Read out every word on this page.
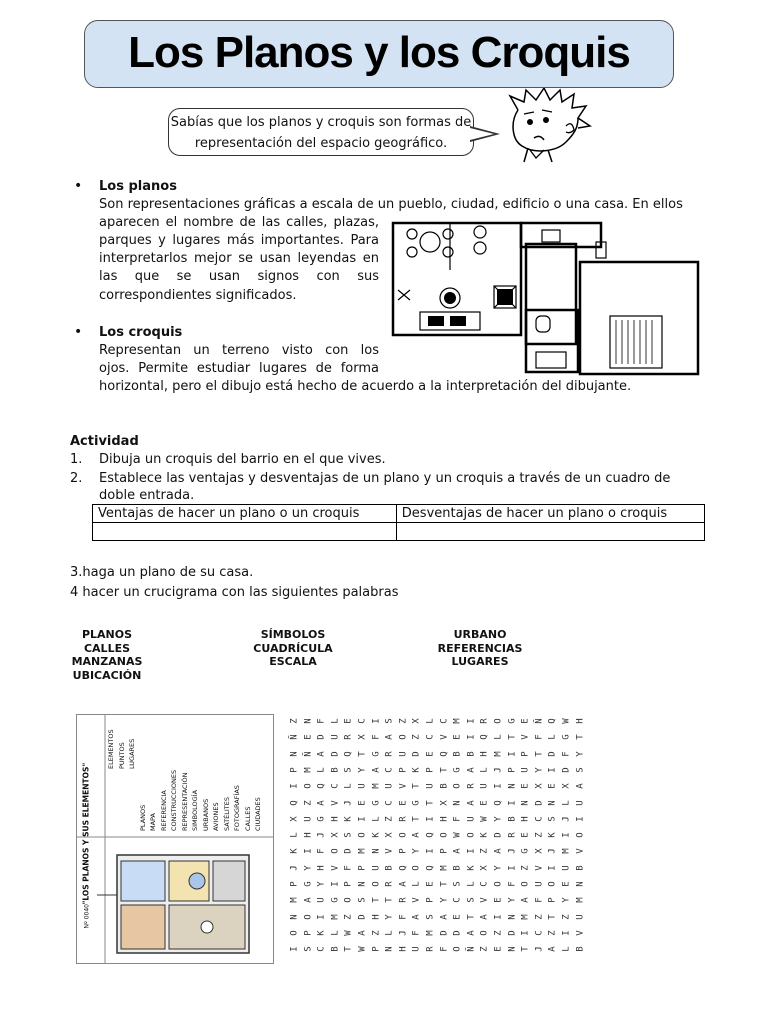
Los Planos y los Croquis
Sabías que los planos y croquis son formas de representación del espacio geográfico.
• Los planos
Son representaciones gráficas a escala de un pueblo, ciudad, edificio o una casa. En ellos
aparecen el nombre de las calles, plazas,
parques y lugares más importantes. Para
interpretarlos mejor se usan leyendas en
las que se usan signos con sus
correspondientes significados.
• Los croquis
Representan un terreno visto con los
ojos. Permite estudiar lugares de forma
horizontal, pero el dibujo está hecho de acuerdo a la interpretación del dibujante.
Actividad
1. Dibuja un croquis del barrio en el que vives.
2. Establece las ventajas y desventajas de un plano y un croquis a través de un cuadro de
doble entrada.
Ventajas de hacer un plano o un croquis	Desventajas de hacer un plano o croquis

3.haga un plano de su casa.
4 hacer un crucigrama con las siguientes palabras
PLANOS
CALLES
MANZANAS
UBICACIÓN
SÍMBOLOS
CUADRÍCULA
ESCALA
URBANO
REFERENCIAS
LUGARES
"LOS PLANOS Y SUS ELEMENTOS"
Nº 0040
ELEMENTOS PUNTOS LUGARES
PLANOS MAPA REFERENCIA CONSTRUCCIONES REPRESENTACIÓN SIMBOLOGÍA URBANOS AVIONES SATÉLITES FOTOGRAFÍAS CALLES CIUDADES
Z
Ñ
N
P
I
Q
X
L
K
J
P
M
N
O
I
N
E
Ñ
M
O
Z
U
H
I
Y
G
A
O
P
S
F
D
A
L
Q
A
G
J
F
H
Y
U
I
K
C
L
U
D
B
C
V
H
X
O
V
I
G
M
L
B
E
R
Q
S
L
J
K
S
D
F
P
O
Z
W
T
C
X
T
Y
U
E
I
O
M
P
N
S
D
A
W
I
F
G
A
M
G
L
K
N
U
O
T
H
Z
P
S
A
R
C
U
C
Z
X
V
B
R
T
Y
L
N
Z
O
U
P
V
E
R
O
P
Q
A
R
F
J
H
X
Z
D
K
T
G
T
A
Y
O
L
V
A
F
U
L
C
E
P
U
T
I
Q
I
Q
E
P
S
M
R
C
V
Q
T
B
X
H
O
P
M
T
Y
A
D
F
M
E
B
G
O
N
F
W
A
B
S
C
E
D
O
I
I
B
A
R
A
U
O
I
K
L
S
T
A
Ñ
R
Q
H
L
U
E
W
K
Z
X
C
V
A
O
Z
O
L
M
J
I
Q
Y
D
A
Y
O
E
I
Z
E
G
T
I
P
N
I
B
R
J
I
F
Y
N
D
N
E
V
P
U
E
N
H
E
G
Z
O
A
M
I
T
Ñ
F
T
Y
X
D
C
Z
X
V
U
F
Z
C
J
Q
L
D
I
E
N
S
K
J
I
O
P
T
Z
A
W
G
F
D
X
L
J
I
M
U
E
Y
Z
I
L
H
T
Y
S
A
U
I
O
V
B
N
M
U
V
B
